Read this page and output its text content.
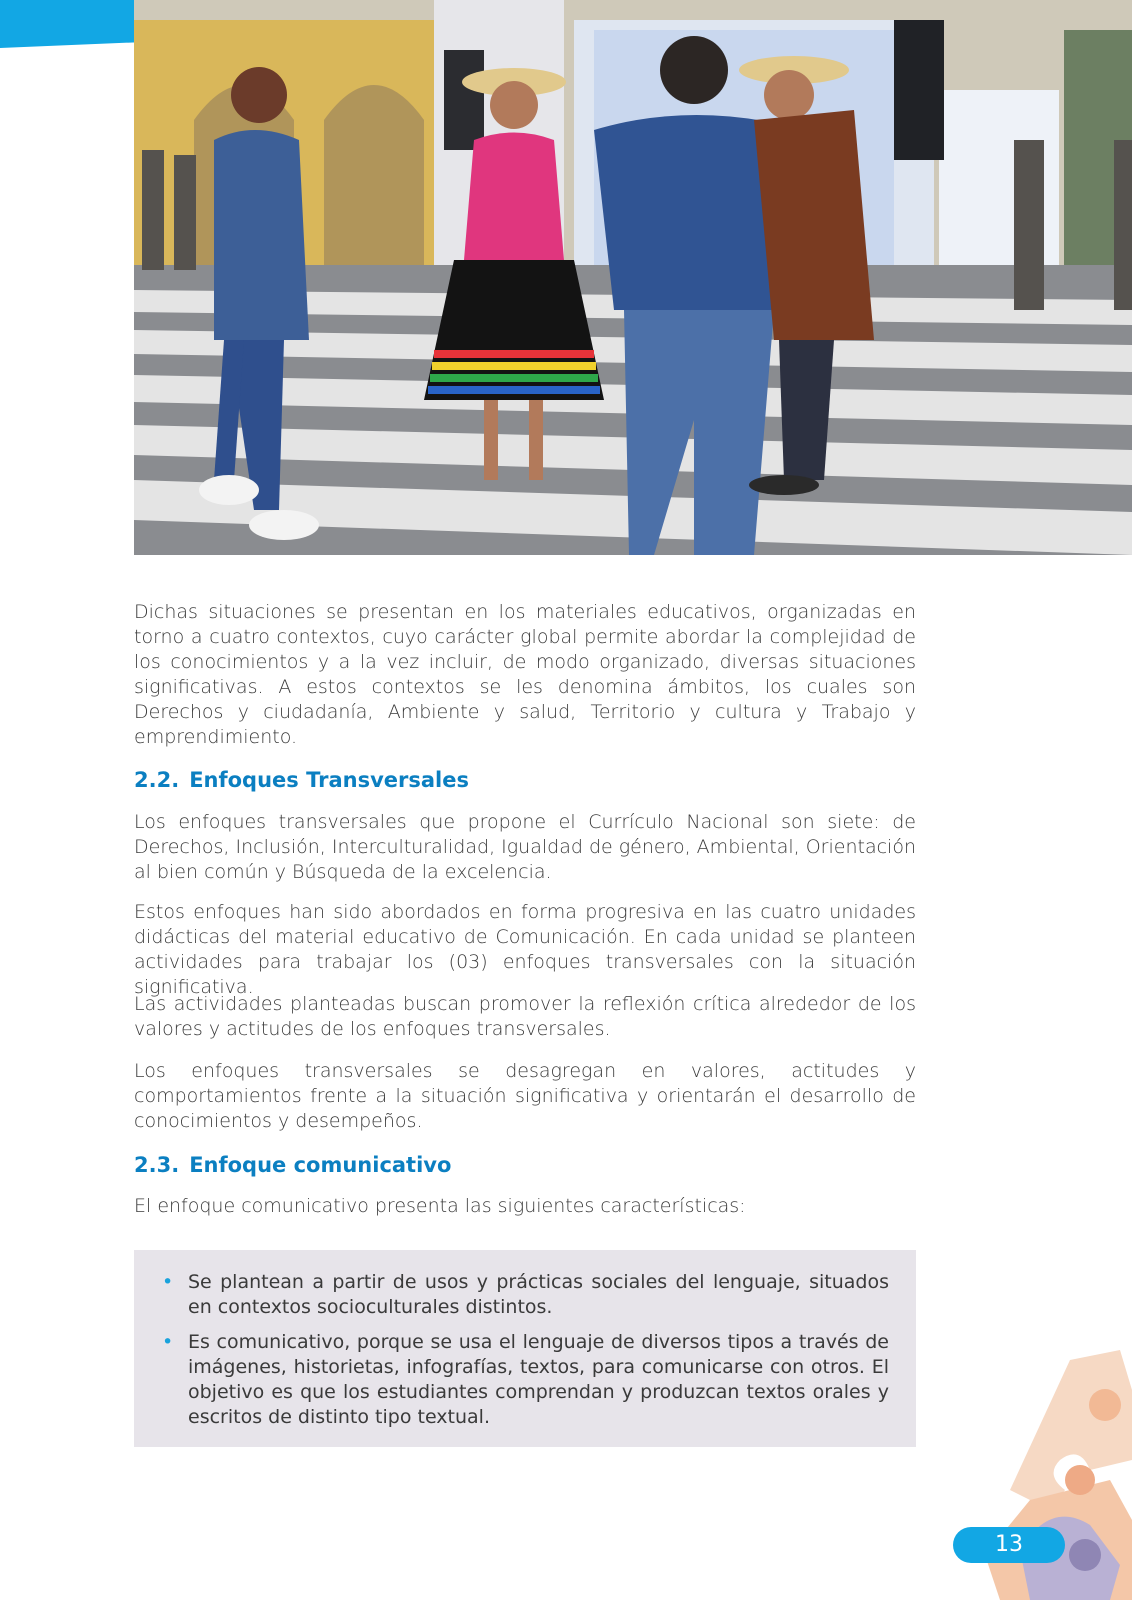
Dichas situaciones se presentan en los materiales educativos, organizadas en torno a cuatro contextos, cuyo carácter global permite abordar la complejidad de los conocimientos y a la vez incluir, de modo organizado, diversas situaciones significativas. A estos contextos se les denomina ámbitos, los cuales son Derechos y ciudadanía, Ambiente y salud, Territorio y cultura y Trabajo y emprendimiento.

2.2. Enfoques Transversales

Los enfoques transversales que propone el Currículo Nacional son siete: de Derechos, Inclusión, Interculturalidad, Igualdad de género, Ambiental, Orientación al bien común y Búsqueda de la excelencia.

Estos enfoques han sido abordados en forma progresiva en las cuatro unidades didácticas del material educativo de Comunicación. En cada unidad se planteen actividades para trabajar los (03) enfoques transversales con la situación significativa.

Las actividades planteadas buscan promover la reflexión crítica alrededor de los valores y actitudes de los enfoques transversales.

Los enfoques transversales se desagregan en valores, actitudes y comportamientos frente a la situación significativa y orientarán el desarrollo de conocimientos y desempeños.

2.3. Enfoque comunicativo

El enfoque comunicativo presenta las siguientes características:

• Se plantean a partir de usos y prácticas sociales del lenguaje, situados en contextos socioculturales distintos.
• Es comunicativo, porque se usa el lenguaje de diversos tipos a través de imágenes, historietas, infografías, textos, para comunicarse con otros. El objetivo es que los estudiantes comprendan y produzcan textos orales y escritos de distinto tipo textual.
13
